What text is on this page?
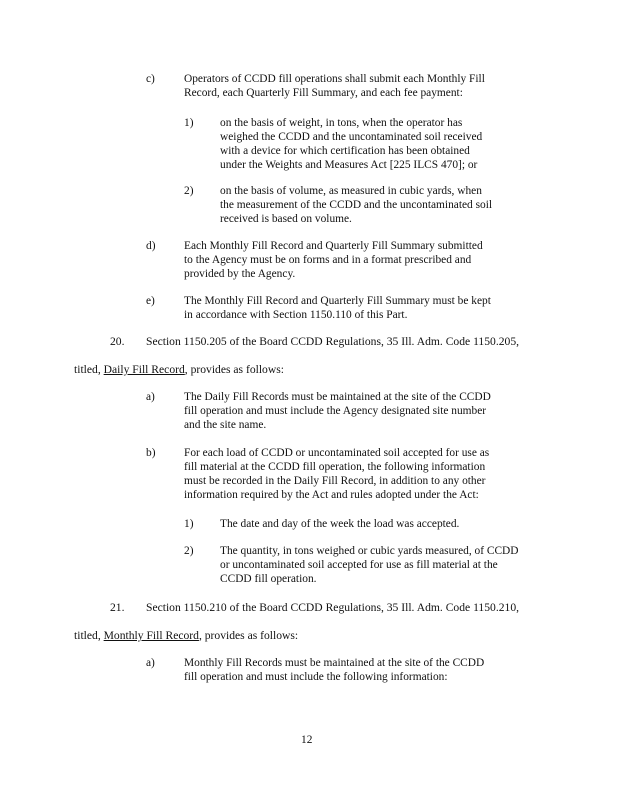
c)	Operators of CCDD fill operations shall submit each Monthly Fill
Record, each Quarterly Fill Summary, and each fee payment:
1) on the basis of weight, in tons, when the operator has
weighed the CCDD and the uncontaminated soil received
with a device for which certification has been obtained
under the Weights and Measures Act [225 ILCS 470]; or
2) on the basis of volume, as measured in cubic yards, when
the measurement of the CCDD and the uncontaminated soil
received is based on volume.
d)	Each Monthly Fill Record and Quarterly Fill Summary submitted
to the Agency must be on forms and in a format prescribed and
provided by the Agency.
e)	The Monthly Fill Record and Quarterly Fill Summary must be kept
in accordance with Section 1150.110 of this Part.
20. Section 1150.205 of the Board CCDD Regulations, 35 Ill. Adm. Code 1150.205,
titled, Daily Fill Record, provides as follows:
a)	The Daily Fill Records must be maintained at the site of the CCDD
fill operation and must include the Agency designated site number
and the site name.
b)	For each load of CCDD or uncontaminated soil accepted for use as
fill material at the CCDD fill operation, the following information
must be recorded in the Daily Fill Record, in addition to any other
information required by the Act and rules adopted under the Act:
1) The date and day of the week the load was accepted.
2) The quantity, in tons weighed or cubic yards measured, of CCDD
or uncontaminated soil accepted for use as fill material at the
CCDD fill operation.
21. Section 1150.210 of the Board CCDD Regulations, 35 Ill. Adm. Code 1150.210,
titled, Monthly Fill Record, provides as follows:
a)	Monthly Fill Records must be maintained at the site of the CCDD
fill operation and must include the following information:
12
